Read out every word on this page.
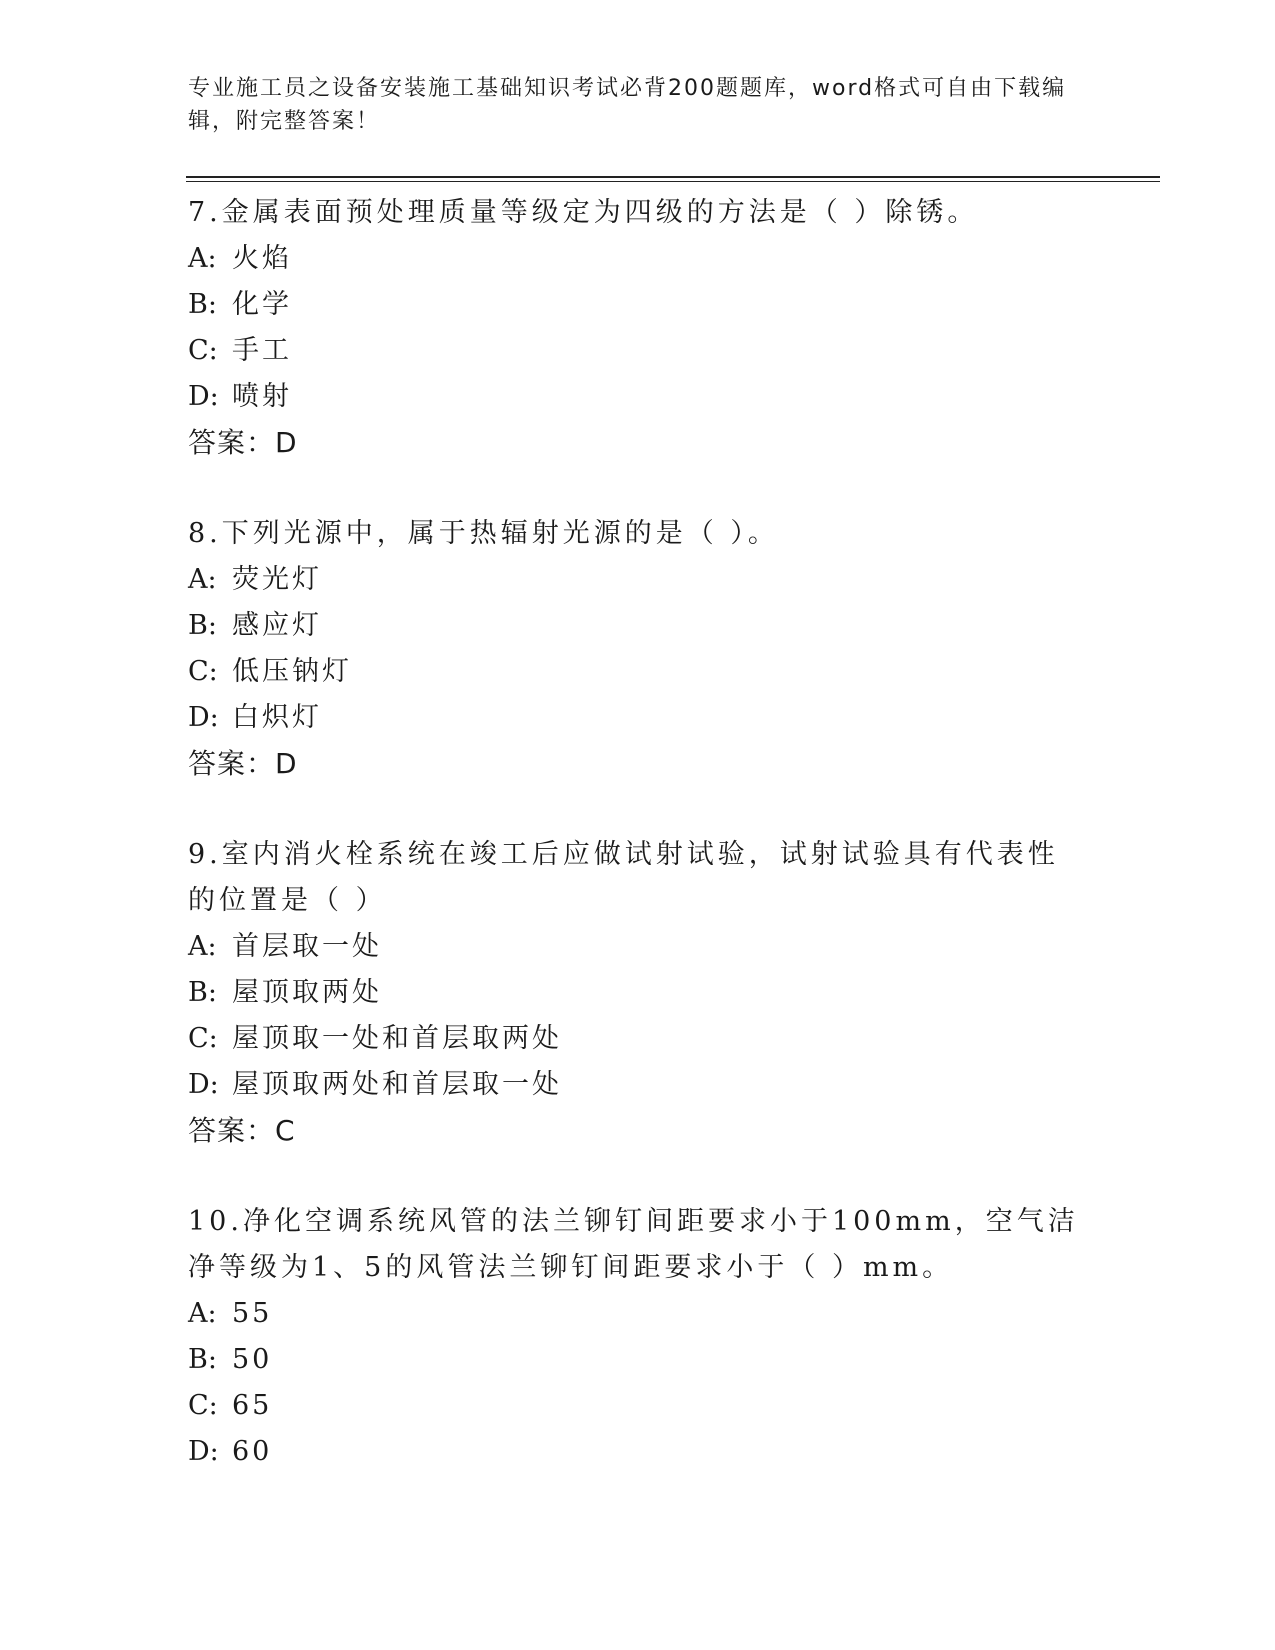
专业施工员之设备安装施工基础知识考试必背200题题库，word格式可自由下载编辑，附完整答案！
7.金属表面预处理质量等级定为四级的方法是（ ）除锈。
A: 火焰
B: 化学
C: 手工
D: 喷射
答案：D
8.下列光源中，属于热辐射光源的是（ ）。
A: 荧光灯
B: 感应灯
C: 低压钠灯
D: 白炽灯
答案：D
9.室内消火栓系统在竣工后应做试射试验，试射试验具有代表性的位置是（ ）
A: 首层取一处
B: 屋顶取两处
C: 屋顶取一处和首层取两处
D: 屋顶取两处和首层取一处
答案：C
10.净化空调系统风管的法兰铆钉间距要求小于100mm，空气洁净等级为1、5的风管法兰铆钉间距要求小于（ ）mm。
A: 55
B: 50
C: 65
D: 60
